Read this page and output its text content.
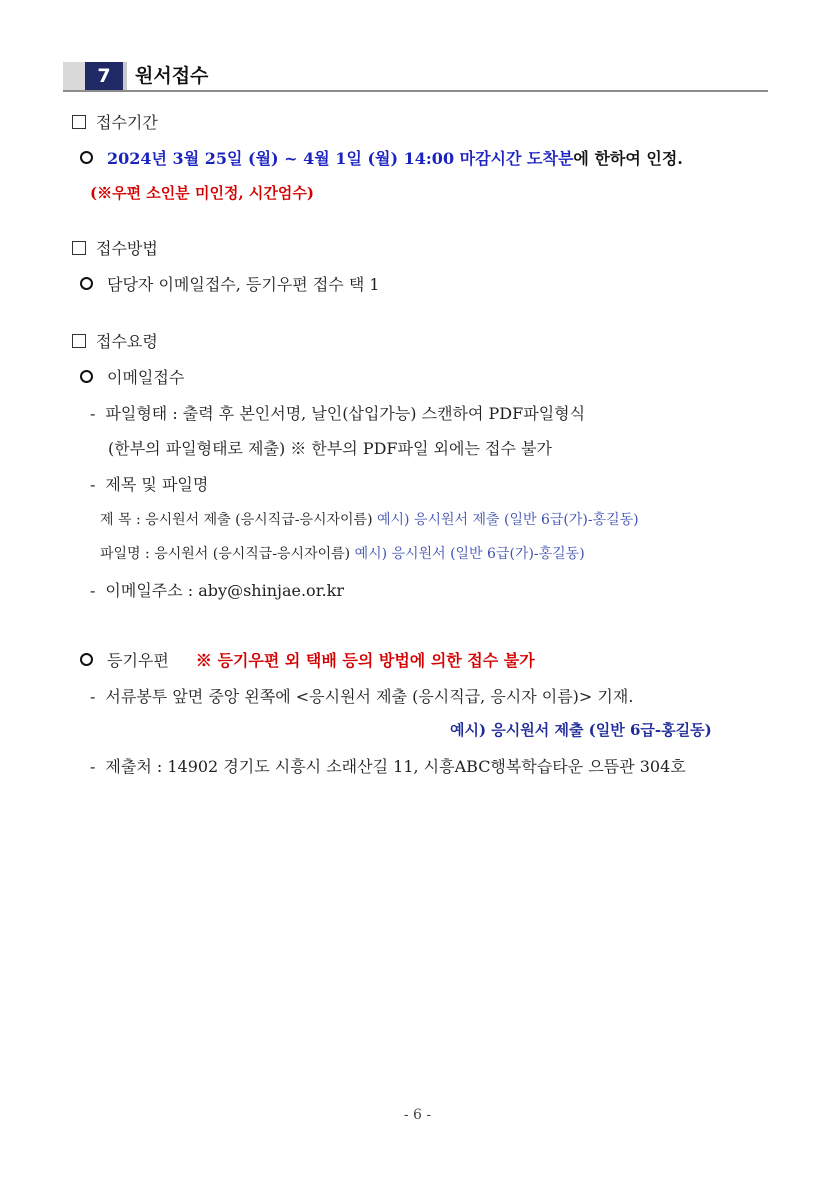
7	원서접수
접수기간
2024년 3월 25일 (월) ~ 4월 1일 (월) 14:00 마감시간 도착분에 한하여 인정.
(※우편 소인분 미인정, 시간엄수)
접수방법
담당자 이메일접수, 등기우편 접수 택 1
접수요령
이메일접수
- 파일형태 : 출력 후 본인서명, 날인(삽입가능) 스캔하여 PDF파일형식
(한부의 파일형태로 제출) ※ 한부의 PDF파일 외에는 접수 불가
- 제목 및 파일명
제 목 : 응시원서 제출 (응시직급-응시자이름) 예시) 응시원서 제출 (일반 6급(가)-홍길동)
파일명 : 응시원서 (응시직급-응시자이름) 예시) 응시원서 (일반 6급(가)-홍길동)
- 이메일주소 : aby@shinjae.or.kr
등기우편 ※ 등기우편 외 택배 등의 방법에 의한 접수 불가
- 서류봉투 앞면 중앙 왼쪽에 <응시원서 제출 (응시직급, 응시자 이름)> 기재.
예시) 응시원서 제출 (일반 6급-홍길동)
- 제출처 : 14902 경기도 시흥시 소래산길 11, 시흥ABC행복학습타운 으뜸관 304호
- 6 -
